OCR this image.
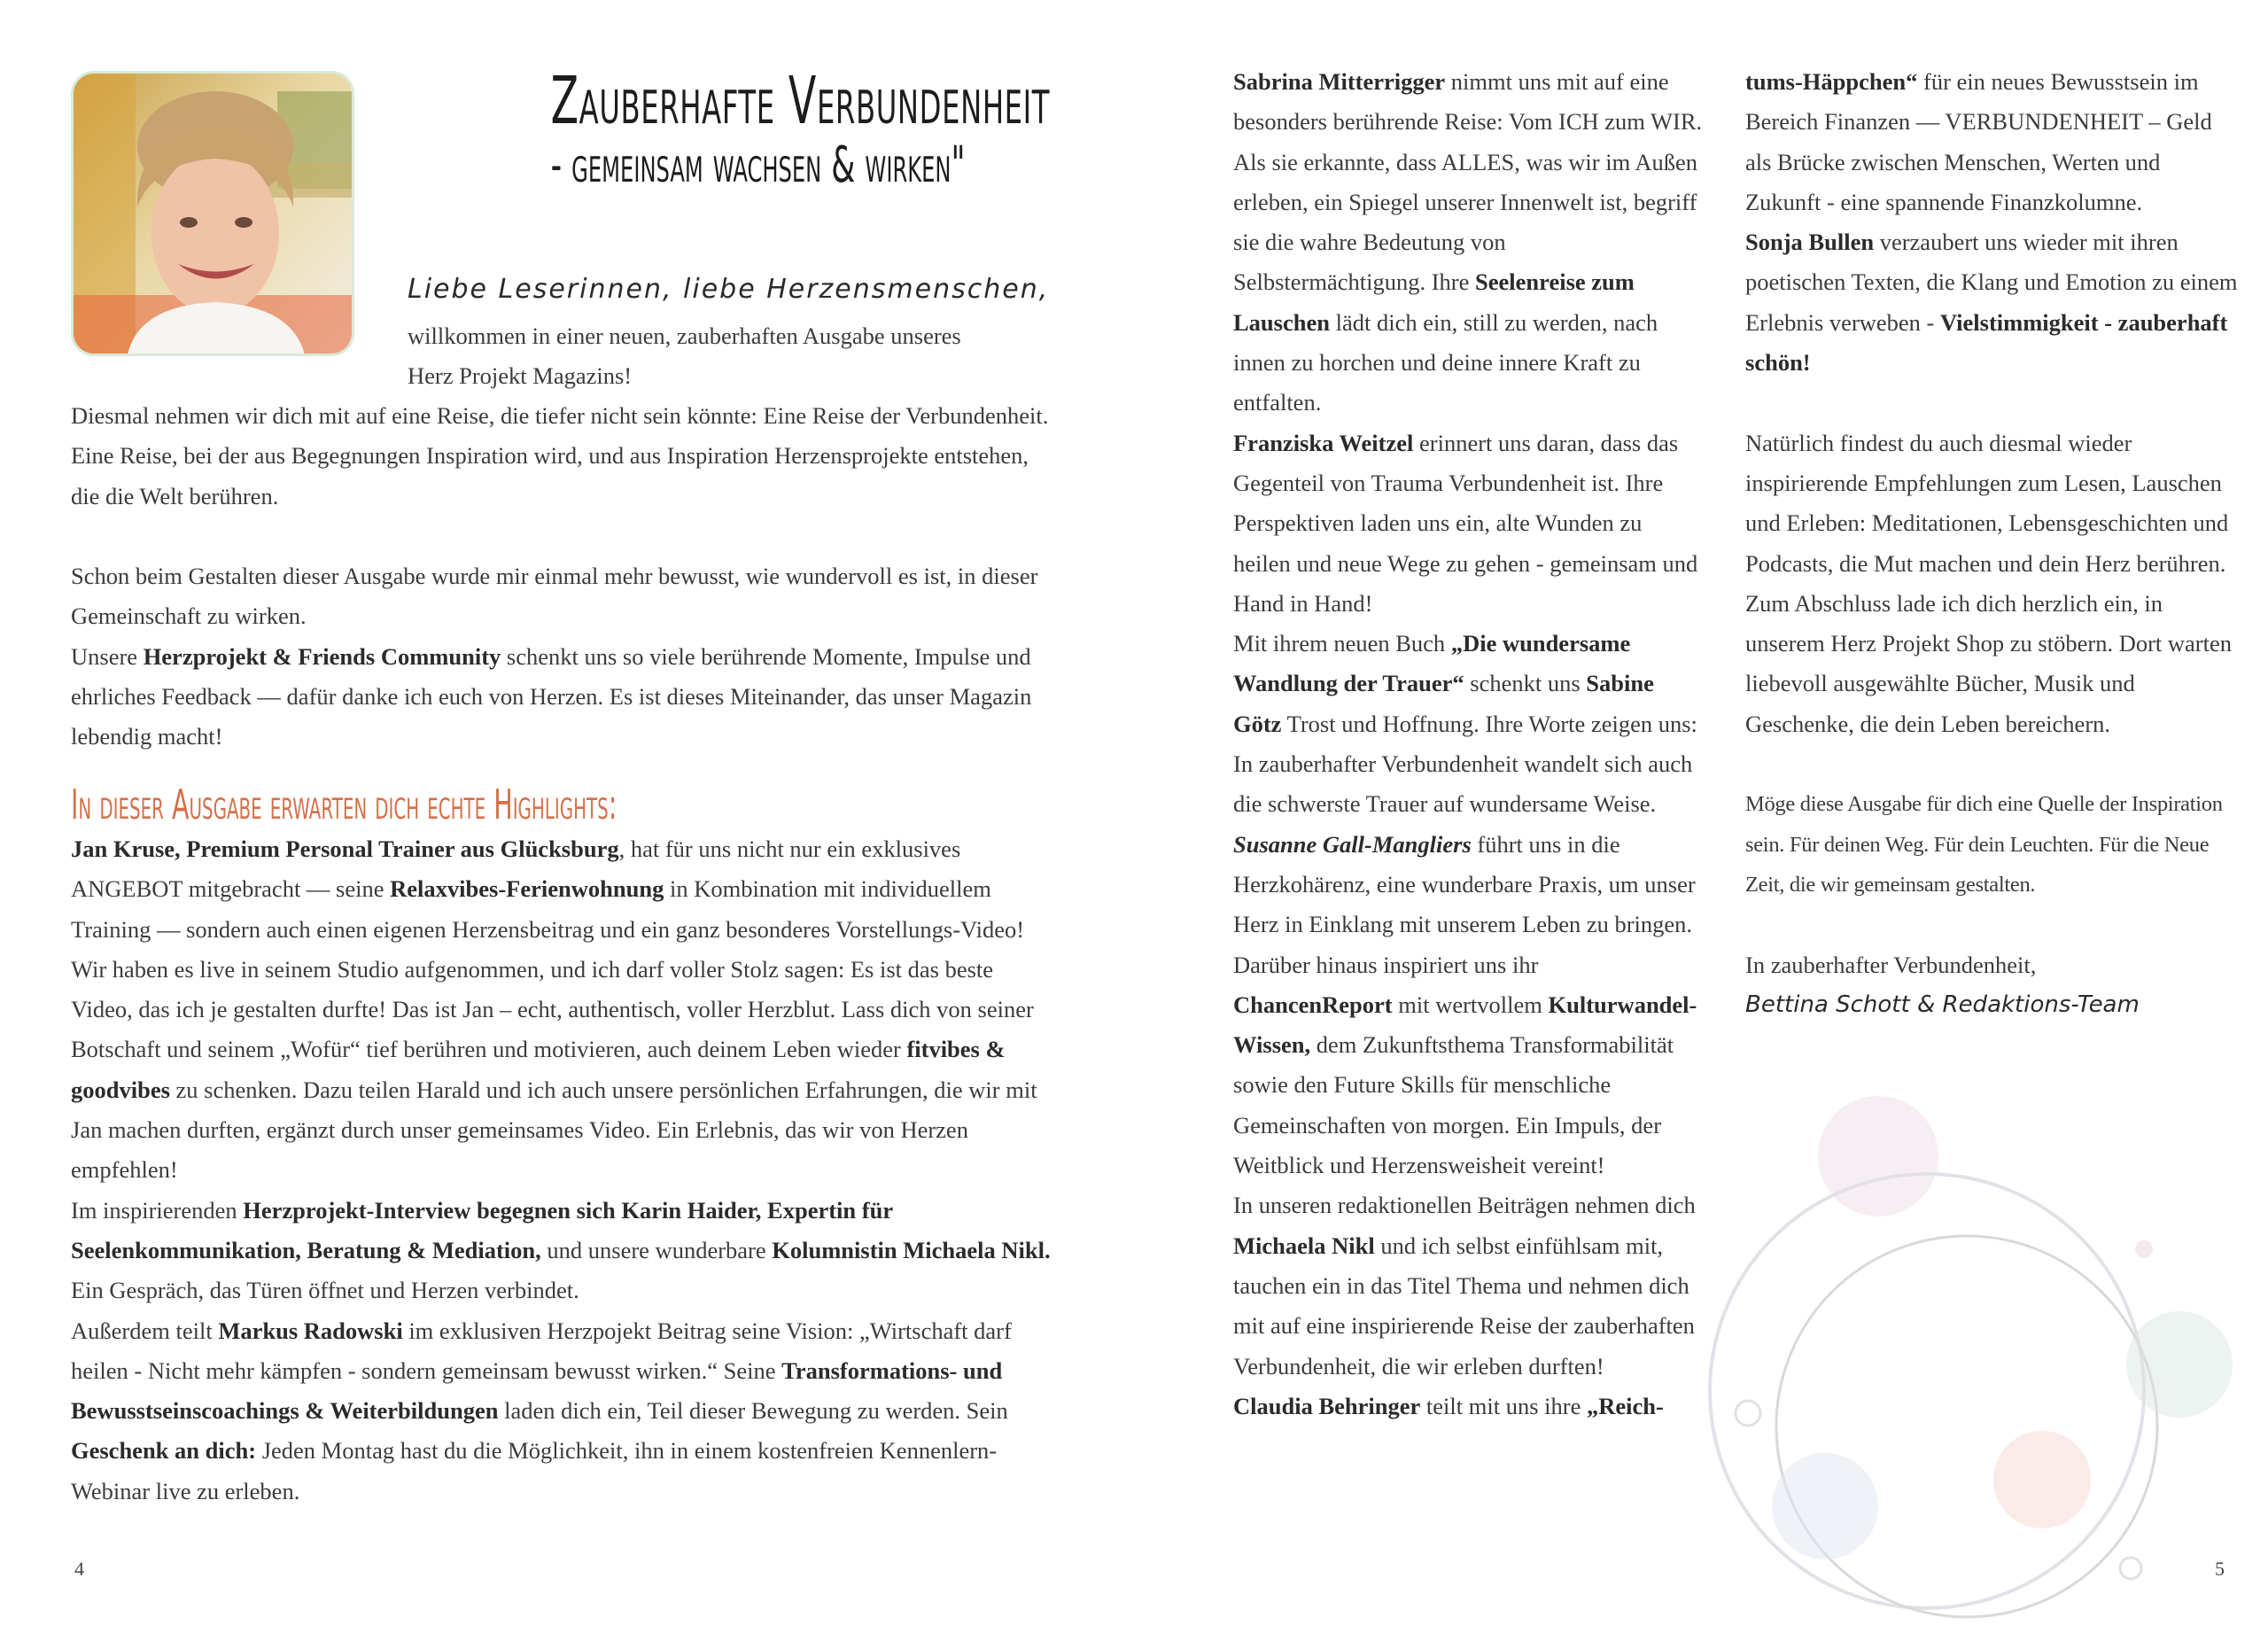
Zauberhafte Verbundenheit
- gemeinsam wachsen & wirken"
Liebe Leserinnen, liebe Herzensmenschen,

willkommen in einer neuen, zauberhaften Ausgabe unseres

Herz Projekt Magazins!

Diesmal nehmen wir dich mit auf eine Reise, die tiefer nicht sein könnte: Eine Reise der Verbundenheit. Eine Reise, bei der aus Begegnungen Inspiration wird, und aus Inspiration Herzensprojekte entstehen, die die Welt berühren.

Schon beim Gestalten dieser Ausgabe wurde mir einmal mehr bewusst, wie wundervoll es ist, in dieser Gemeinschaft zu wirken.

Unsere Herzprojekt & Friends Community schenkt uns so viele berührende Momente, Impulse und ehrliches Feedback — dafür danke ich euch von Herzen. Es ist dieses Miteinander, das unser Magazin lebendig macht!

In dieser Ausgabe erwarten dich echte Highlights:

Jan Kruse, Premium Personal Trainer aus Glücksburg, hat für uns nicht nur ein exklusives ANGEBOT mitgebracht — seine Relaxvibes-Ferienwohnung in Kombination mit individuellem Training — sondern auch einen eigenen Herzensbeitrag und ein ganz besonderes Vorstellungs-Video!

Wir haben es live in seinem Studio aufgenommen, und ich darf voller Stolz sagen: Es ist das beste Video, das ich je gestalten durfte! Das ist Jan – echt, authentisch, voller Herzblut. Lass dich von seiner Botschaft und seinem „Wofür“ tief berühren und motivieren, auch deinem Leben wieder fitvibes & goodvibes zu schenken. Dazu teilen Harald und ich auch unsere persönlichen Erfahrungen, die wir mit Jan machen durften, ergänzt durch unser gemeinsames Video. Ein Erlebnis, das wir von Herzen empfehlen!

Im inspirierenden Herzprojekt-Interview begegnen sich Karin Haider, Expertin für Seelenkommunikation, Beratung & Mediation, und unsere wunderbare Kolumnistin Michaela Nikl. Ein Gespräch, das Türen öffnet und Herzen verbindet.

Außerdem teilt Markus Radowski im exklusiven Herzpojekt Beitrag seine Vision: „Wirtschaft darf heilen - Nicht mehr kämpfen - sondern gemeinsam bewusst wirken.“ Seine Transformations- und Bewusstseinscoachings & Weiterbildungen laden dich ein, Teil dieser Bewegung zu werden. Sein Geschenk an dich: Jeden Montag hast du die Möglichkeit, ihn in einem kostenfreien Kennenlern-Webinar live zu erleben.

4

Sabrina Mitterrigger nimmt uns mit auf eine besonders berührende Reise: Vom ICH zum WIR. Als sie erkannte, dass ALLES, was wir im Außen erleben, ein Spiegel unserer Innenwelt ist, begriff sie die wahre Bedeutung von Selbstermächtigung. Ihre Seelenreise zum Lauschen lädt dich ein, still zu werden, nach innen zu horchen und deine innere Kraft zu entfalten.

Franziska Weitzel erinnert uns daran, dass das Gegenteil von Trauma Verbundenheit ist. Ihre Perspektiven laden uns ein, alte Wunden zu heilen und neue Wege zu gehen - gemeinsam und Hand in Hand!

Mit ihrem neuen Buch „Die wundersame Wandlung der Trauer“ schenkt uns Sabine Götz Trost und Hoffnung. Ihre Worte zeigen uns: In zauberhafter Verbundenheit wandelt sich auch die schwerste Trauer auf wundersame Weise.

Susanne Gall-Mangliers führt uns in die Herzkohärenz, eine wunderbare Praxis, um unser Herz in Einklang mit unserem Leben zu bringen. Darüber hinaus inspiriert uns ihr ChancenReport mit wertvollem Kulturwandel-Wissen, dem Zukunftsthema Transformabilität sowie den Future Skills für menschliche Gemeinschaften von morgen. Ein Impuls, der Weitblick und Herzensweisheit vereint!

In unseren redaktionellen Beiträgen nehmen dich Michaela Nikl und ich selbst einfühlsam mit, tauchen ein in das Titel Thema und nehmen dich mit auf eine inspirierende Reise der zauberhaften Verbundenheit, die wir erleben durften!

Claudia Behringer teilt mit uns ihre „Reich-

tums-Häppchen“ für ein neues Bewusstsein im Bereich Finanzen — VERBUNDENHEIT – Geld als Brücke zwischen Menschen, Werten und Zukunft - eine spannende Finanzkolumne.

Sonja Bullen verzaubert uns wieder mit ihren poetischen Texten, die Klang und Emotion zu einem Erlebnis verweben - Vielstimmigkeit - zauberhaft schön!

Natürlich findest du auch diesmal wieder inspirierende Empfehlungen zum Lesen, Lauschen und Erleben: Meditationen, Lebensgeschichten und Podcasts, die Mut machen und dein Herz berühren.

Zum Abschluss lade ich dich herzlich ein, in unserem Herz Projekt Shop zu stöbern. Dort warten liebevoll ausgewählte Bücher, Musik und Geschenke, die dein Leben bereichern.

Möge diese Ausgabe für dich eine Quelle der Inspiration sein. Für deinen Weg. Für dein Leuchten. Für die Neue Zeit, die wir gemeinsam gestalten.

In zauberhafter Verbundenheit,

Bettina Schott & Redaktions-Team

5
